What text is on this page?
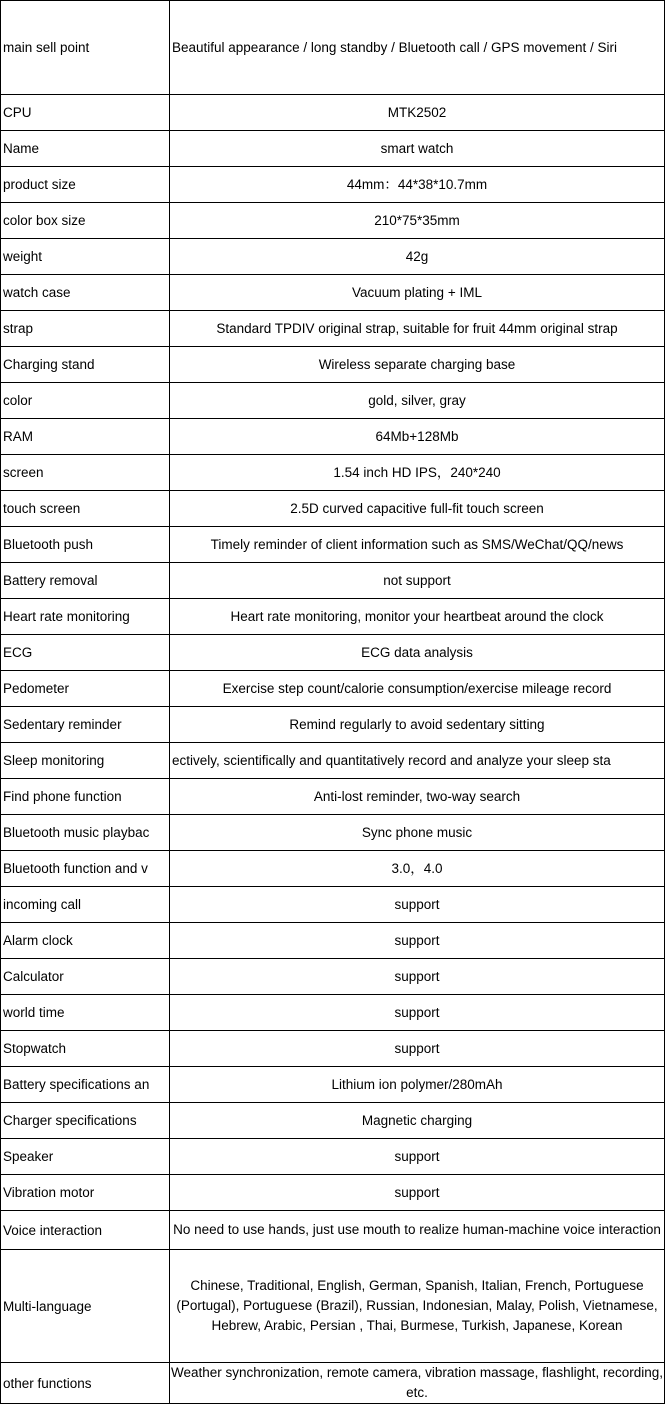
main sell point	Beautiful appearance / long standby / Bluetooth call / GPS movement / Siri
CPU	MTK2502
Name	smart watch
product size	44mm：44*38*10.7mm
color box size	210*75*35mm
weight	42g
watch case	Vacuum plating + IML
strap	Standard TPDIV original strap, suitable for fruit 44mm original strap
Charging stand	Wireless separate charging base
color	gold, silver, gray
RAM	64Mb+128Mb
screen	1.54 inch HD IPS，240*240
touch screen	2.5D curved capacitive full-fit touch screen
Bluetooth push	Timely reminder of client information such as SMS/WeChat/QQ/news
Battery removal	not support
Heart rate monitoring	Heart rate monitoring, monitor your heartbeat around the clock
ECG	ECG data analysis
Pedometer	Exercise step count/calorie consumption/exercise mileage record
Sedentary reminder	Remind regularly to avoid sedentary sitting
Sleep monitoring	ectively, scientifically and quantitatively record and analyze your sleep sta

Find phone function	Anti-lost reminder, two-way search
Bluetooth music playbac	Sync phone music
Bluetooth function and v	3.0，4.0
incoming call	support
Alarm clock	support
Calculator	support
world time	support
Stopwatch	support
Battery specifications an	Lithium ion polymer/280mAh
Charger specifications	Magnetic charging
Speaker	support
Vibration motor	support
Voice interaction	No need to use hands, just use mouth to realize human-machine voice interaction
Multi-language	Chinese, Traditional, English, German, Spanish, Italian, French, Portuguese (Portugal), Portuguese (Brazil), Russian, Indonesian, Malay, Polish, Vietnamese, Hebrew, Arabic, Persian , Thai, Burmese, Turkish, Japanese, Korean
other functions	Weather synchronization, remote camera, vibration massage, flashlight, recording, etc.
